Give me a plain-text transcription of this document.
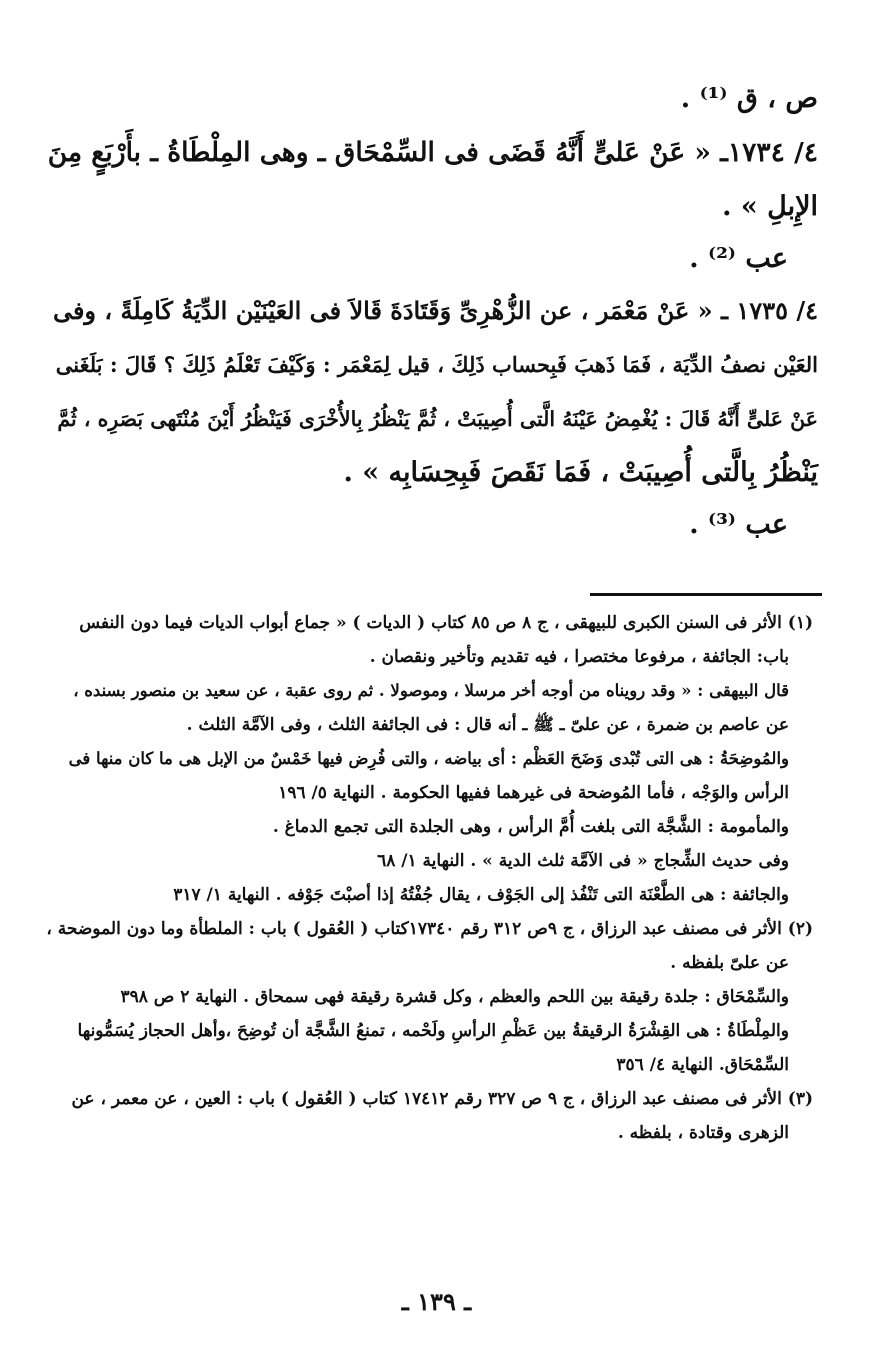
ص ، ق ⁽¹⁾ .
٤/ ١٧٣٤ـ « عَنْ عَلىٍّ أَنَّهُ قَضَى فى السِّمْحَاق ـ وهى المِلْطَاةُ ـ بأَرْبَعٍ مِنَ
الإِبلِ » .
عب ⁽²⁾ .
٤/ ١٧٣٥ ـ « عَنْ مَعْمَر ، عن الزُّهْرِىِّ وَقَتَادَةَ قَالاَ فى العَيْنَيْن الدِّيَةُ كَامِلَةً ، وفى
العَيْن نصفُ الدِّيَة ، فَمَا ذَهبَ فَبِحساب ذَلِكَ ، قيل لِمَعْمَر : وَكَيْفَ تَعْلَمُ ذَلِكَ ؟ قَالَ : بَلَغَنى
عَنْ عَلىٍّ أَنَّهُ قَالَ : يُغْمِضُ عَيْنَهُ الَّتى أُصِيبَتْ ، ثُمَّ يَنْظُرُ بِالأُخْرَى فَيَنْظُرُ أَيْنَ مُنْتَهى بَصَرِه ، ثُمَّ
يَنْظُرُ بِالَّتى أُصِيبَتْ ، فَمَا نَقَصَ فَبِحِسَابِه » .
عب ⁽³⁾ .
(١) الأثر فى السنن الكبرى للبيهقى ، ج ٨ ص ٨٥ كتاب ( الديات ) « جماع أبواب الديات فيما دون النفس
باب: الجائفة ، مرفوعا مختصرا ، فيه تقديم وتأخير ونقصان .
قال البيهقى : « وقد رويناه من أوجه أخر مرسلا ، وموصولا . ثم روى عقبة ، عن سعيد بن منصور بسنده ،
عن عاصم بن ضمرة ، عن علىّ ـ ﷺ ـ أنه قال : فى الجائفة الثلث ، وفى الآمَّة الثلث .
والمُوضِحَةُ : هى التى تُبْدى وَضَحَ العَظْم : أى بياضه ، والتى فُرِض فيها خَمْسٌ من الإبل هى ما كان منها فى
الرأس والوَجْه ، فأما المُوضحة فى غيرهما ففيها الحكومة . النهاية ٥/ ١٩٦
والمأمومة : الشَّجَّة التى بلغت أُمَّ الرأس ، وهى الجلدة التى تجمع الدماغ .
وفى حديث الشِّجاج « فى الآمَّة ثلث الدية » . النهاية ١/ ٦٨
والجائفة : هى الطَّعْنَة التى تَنْفُذ إلى الجَوْف ، يقال جُفْتُهُ إذا أصبْتَ جَوْفه . النهاية ١/ ٣١٧
(٢) الأثر فى مصنف عبد الرزاق ، ج ٩ص ٣١٢ رقم ١٧٣٤٠كتاب ( العُقول ) باب : الملطأة وما دون الموضحة ،
عن علىّ بلفظه .
والسِّمْحَاق : جلدة رقيقة بين اللحم والعظم ، وكل قشرة رقيقة فهى سمحاق . النهاية ٢ ص ٣٩٨
والمِلْطَاةُ : هى القِشْرَةُ الرقيقةُ بين عَظْمِ الرأسِ ولَحْمه ، تمنعُ الشَّجَّة أن تُوضِحَ ،وأهل الحجاز يُسَمُّونها
السِّمْحَاق. النهاية ٤/ ٣٥٦
(٣) الأثر فى مصنف عبد الرزاق ، ج ٩ ص ٣٢٧ رقم ١٧٤١٢ كتاب ( العُقول ) باب : العين ، عن معمر ، عن
الزهرى وقتادة ، بلفظه .
ـ ١٣٩ ـ
